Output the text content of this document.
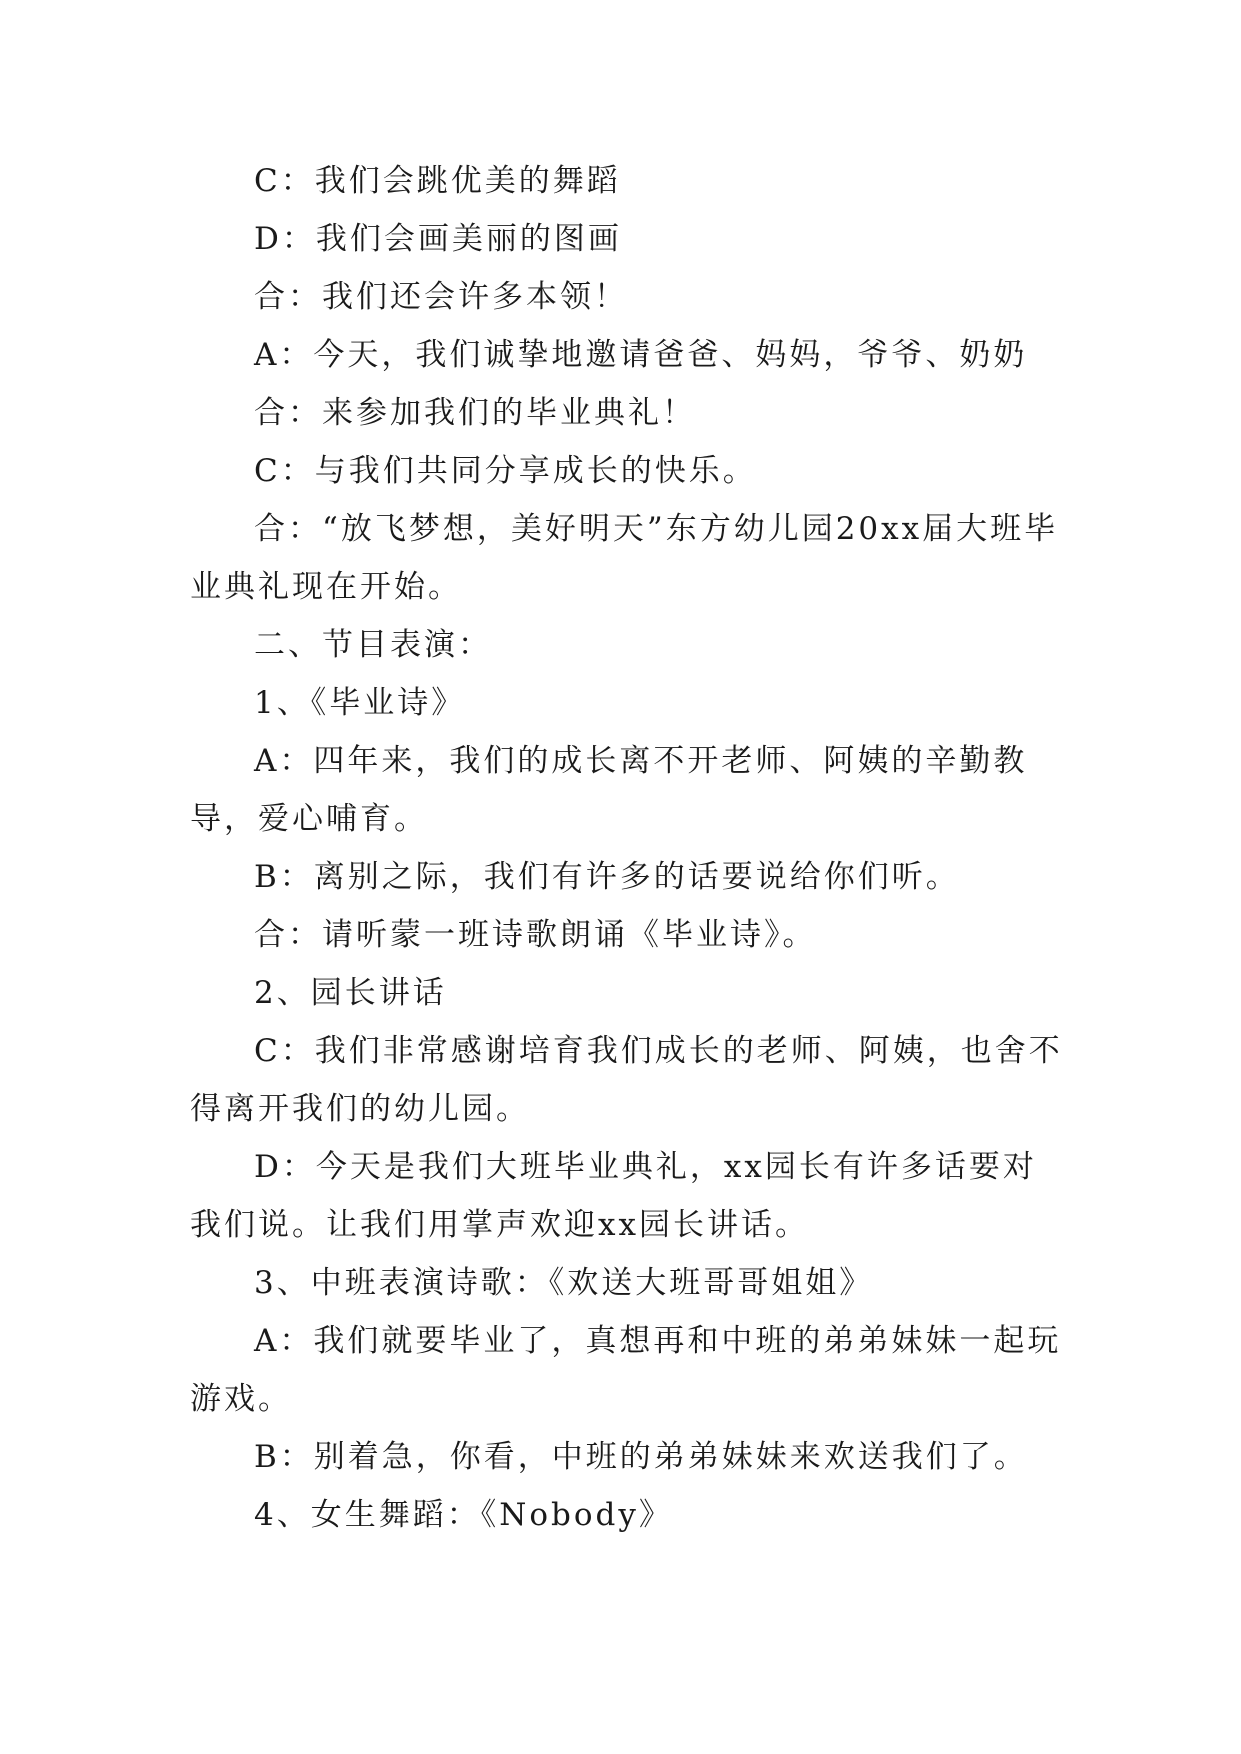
C：我们会跳优美的舞蹈

D：我们会画美丽的图画

合：我们还会许多本领！

A：今天，我们诚挚地邀请爸爸、妈妈，爷爷、奶奶

合：来参加我们的毕业典礼！

C：与我们共同分享成长的快乐。

合：“放飞梦想，美好明天”东方幼儿园20xx届大班毕业典礼现在开始。

二、节目表演：

1、《毕业诗》

A：四年来，我们的成长离不开老师、阿姨的辛勤教导，爱心哺育。

B：离别之际，我们有许多的话要说给你们听。

合：请听蒙一班诗歌朗诵《毕业诗》。

2、园长讲话

C：我们非常感谢培育我们成长的老师、阿姨，也舍不得离开我们的幼儿园。

D：今天是我们大班毕业典礼，xx园长有许多话要对我们说。让我们用掌声欢迎xx园长讲话。

3、中班表演诗歌：《欢送大班哥哥姐姐》

A：我们就要毕业了，真想再和中班的弟弟妹妹一起玩游戏。

B：别着急，你看，中班的弟弟妹妹来欢送我们了。

4、女生舞蹈：《Nobody》
